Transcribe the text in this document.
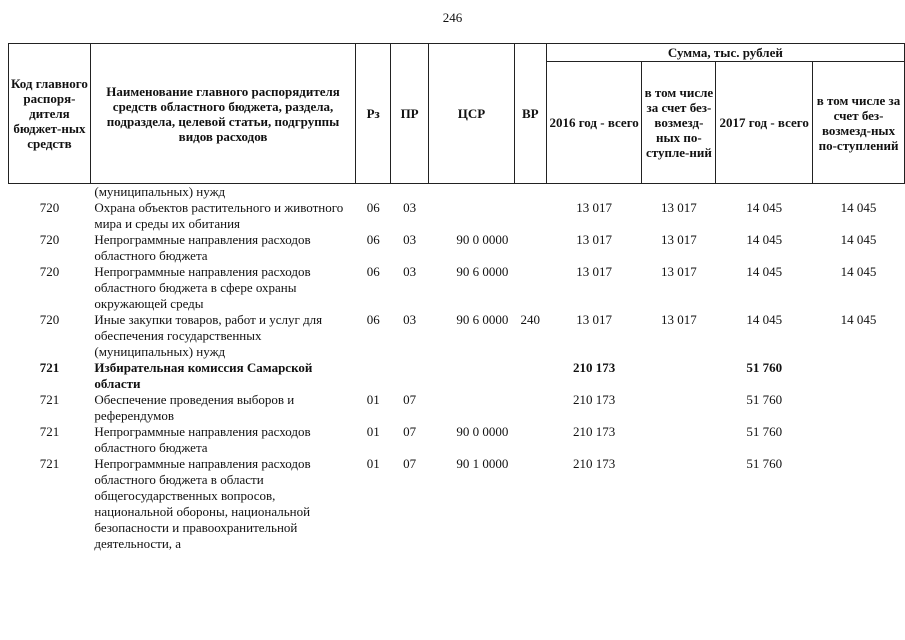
246
Код главного распоря-дителя бюджет-ных средств	Наименование главного распорядителя средств областного бюджета, раздела, подраздела, целевой статьи, подгруппы видов расходов	Рз	ПР	ЦСР	ВР	Сумма, тыс. рублей			
						2016 год - всего	в том числе за счет без-возмезд-ных по-ступле-ний	2017 год - всего	в том числе за счет без-возмезд-ных по-ступлений
	(муниципальных) нужд								
720	Охрана объектов растительного и животного мира и среды их обитания	06	03			13 017	13 017	14 045	14 045
720	Непрограммные направления расходов областного бюджета	06	03	90 0 0000		13 017	13 017	14 045	14 045
720	Непрограммные направления расходов областного бюджета в сфере охраны окружающей среды	06	03	90 6 0000		13 017	13 017	14 045	14 045
720	Иные закупки товаров, работ и услуг для обеспечения государственных (муниципальных) нужд	06	03	90 6 0000	240	13 017	13 017	14 045	14 045
721	Избирательная комиссия Самарской области					210 173		51 760	
721	Обеспечение проведения выборов и референдумов	01	07			210 173		51 760	
721	Непрограммные направления расходов областного бюджета	01	07	90 0 0000		210 173		51 760	
721	Непрограммные направления расходов областного бюджета в области общегосударственных вопросов, национальной обороны, национальной безопасности и правоохранительной деятельности, а	01	07	90 1 0000		210 173		51 760	
